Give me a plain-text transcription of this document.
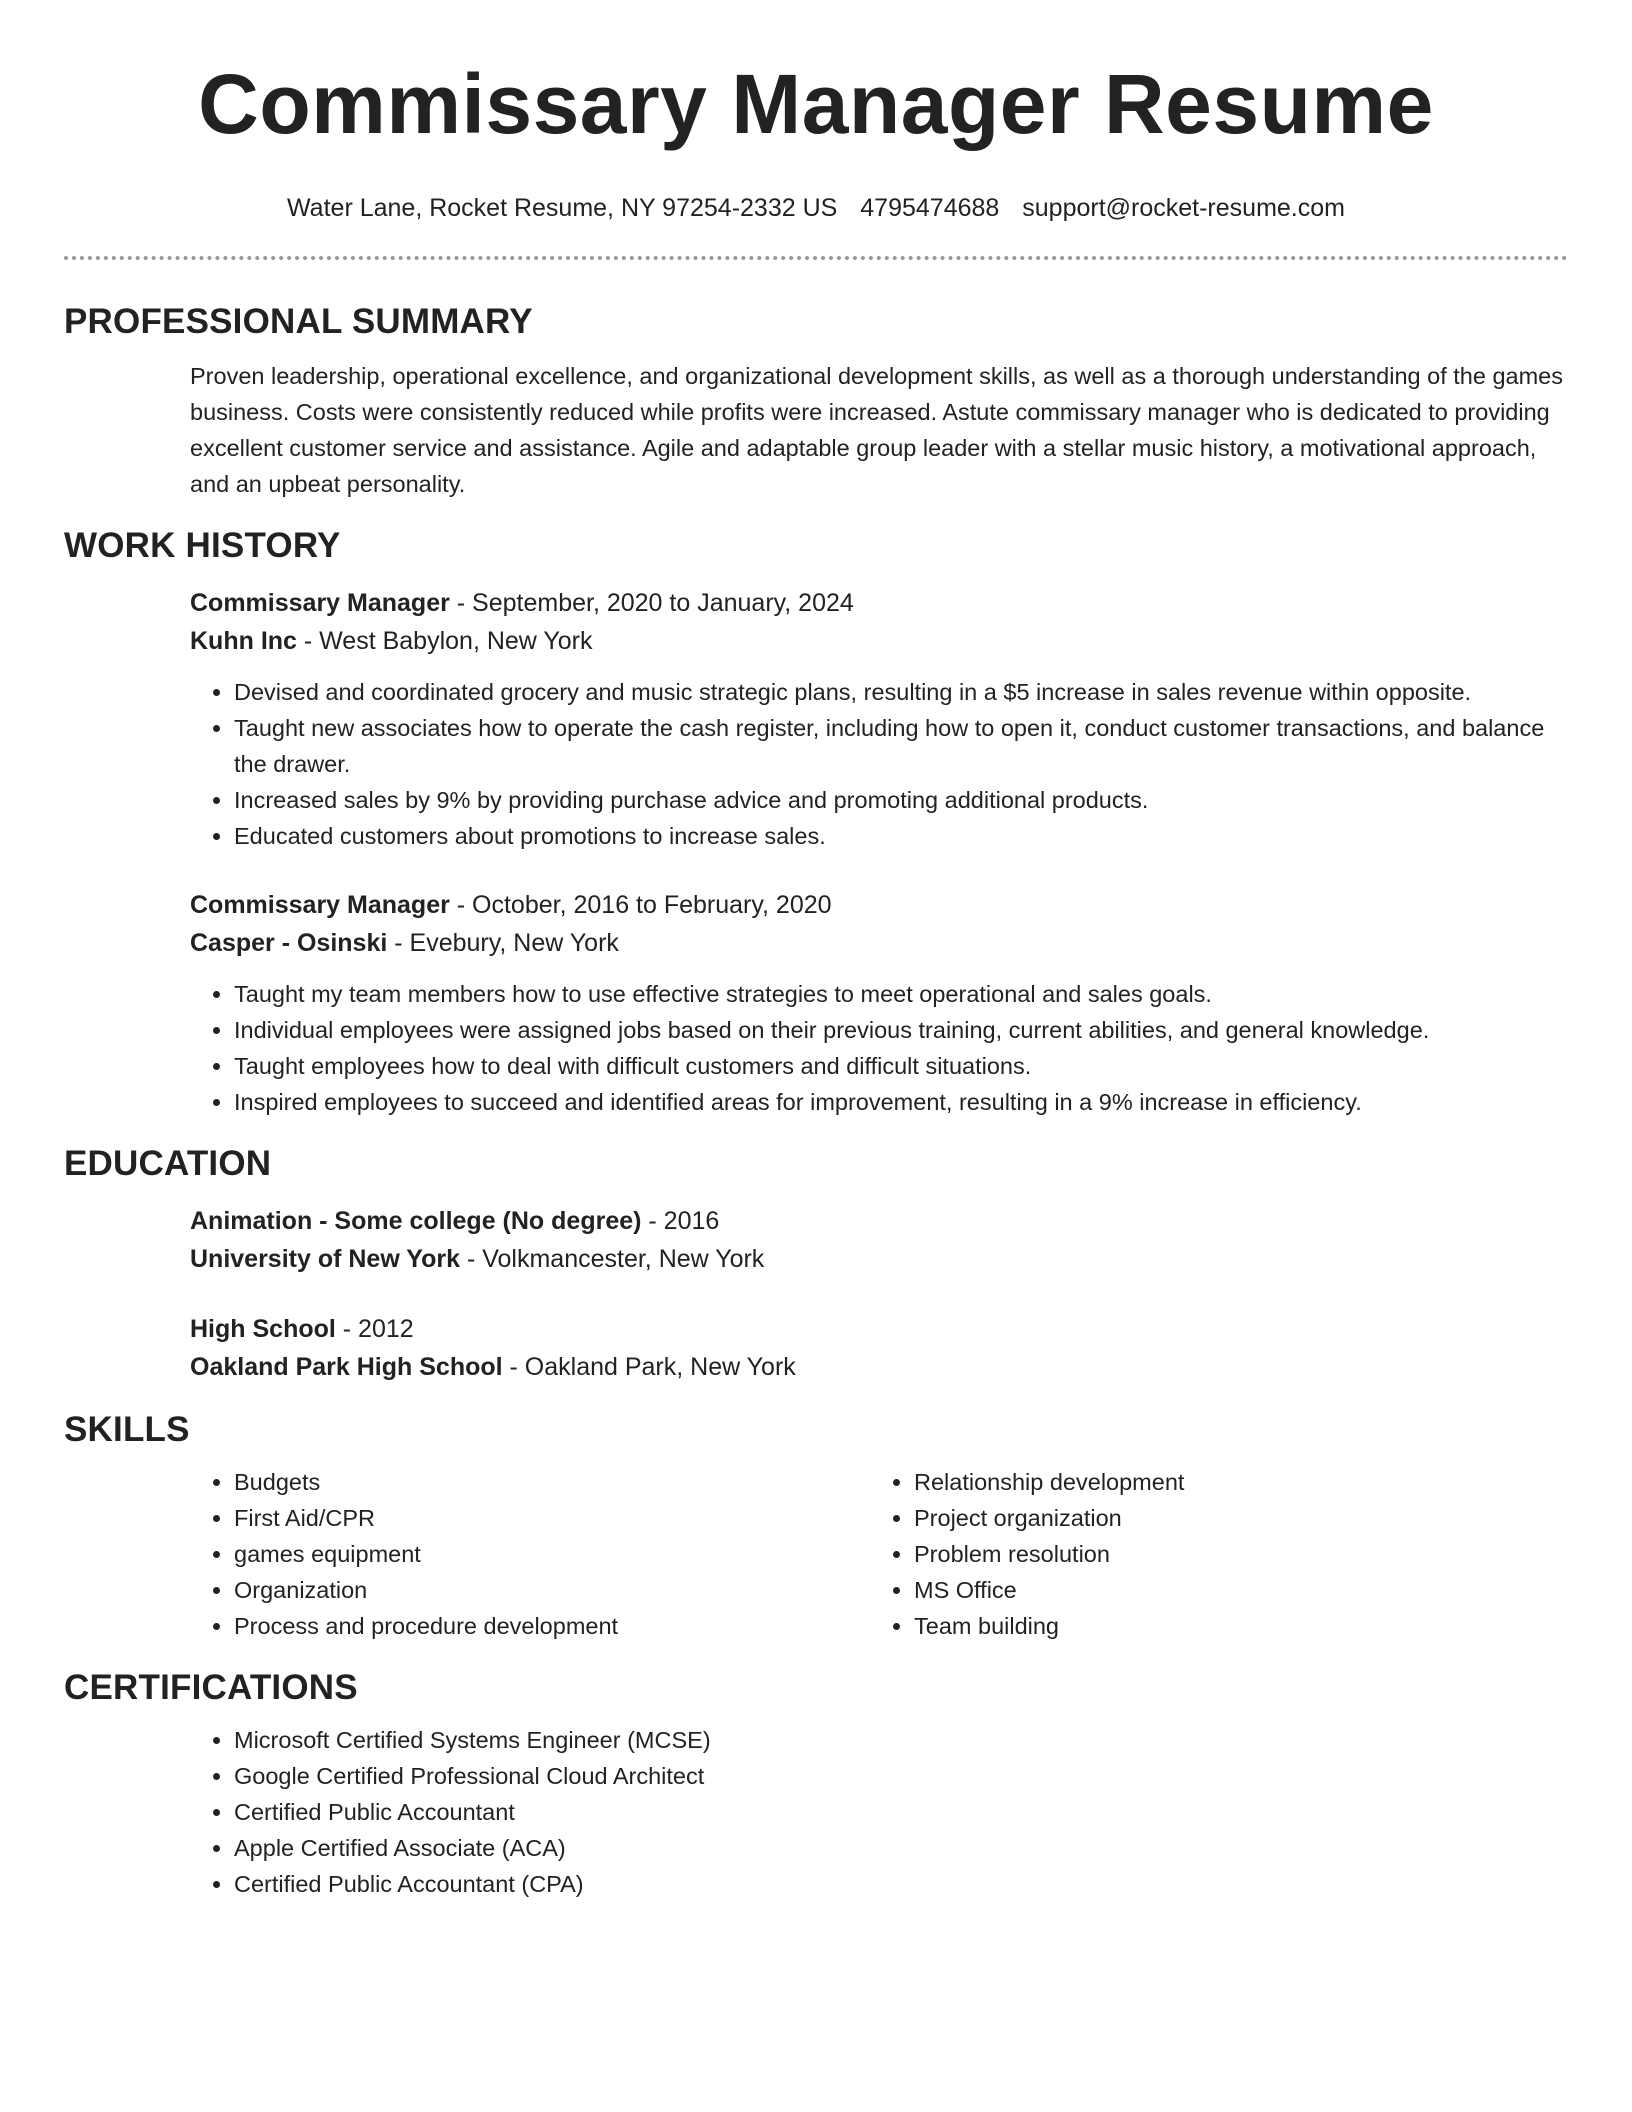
Commissary Manager Resume
Water Lane, Rocket Resume, NY 97254-2332 US 4795474688 support@rocket-resume.com
PROFESSIONAL SUMMARY

Proven leadership, operational excellence, and organizational development skills, as well as a thorough understanding of the games business. Costs were consistently reduced while profits were increased. Astute commissary manager who is dedicated to providing excellent customer service and assistance. Agile and adaptable group leader with a stellar music history, a motivational approach, and an upbeat personality.

WORK HISTORY
Commissary Manager - September, 2020 to January, 2024
Kuhn Inc - West Babylon, New York
• Devised and coordinated grocery and music strategic plans, resulting in a $5 increase in sales revenue within opposite.
• Taught new associates how to operate the cash register, including how to open it, conduct customer transactions, and balance the drawer.
• Increased sales by 9% by providing purchase advice and promoting additional products.
• Educated customers about promotions to increase sales.
Commissary Manager - October, 2016 to February, 2020
Casper - Osinski - Evebury, New York
• Taught my team members how to use effective strategies to meet operational and sales goals.
• Individual employees were assigned jobs based on their previous training, current abilities, and general knowledge.
• Taught employees how to deal with difficult customers and difficult situations.
• Inspired employees to succeed and identified areas for improvement, resulting in a 9% increase in efficiency.
EDUCATION
Animation - Some college (No degree) - 2016
University of New York - Volkmancester, New York
High School - 2012
Oakland Park High School - Oakland Park, New York
SKILLS
• Budgets
• First Aid/CPR
• games equipment
• Organization
• Process and procedure development
• Relationship development
• Project organization
• Problem resolution
• MS Office
• Team building
CERTIFICATIONS
• Microsoft Certified Systems Engineer (MCSE)
• Google Certified Professional Cloud Architect
• Certified Public Accountant
• Apple Certified Associate (ACA)
• Certified Public Accountant (CPA)
